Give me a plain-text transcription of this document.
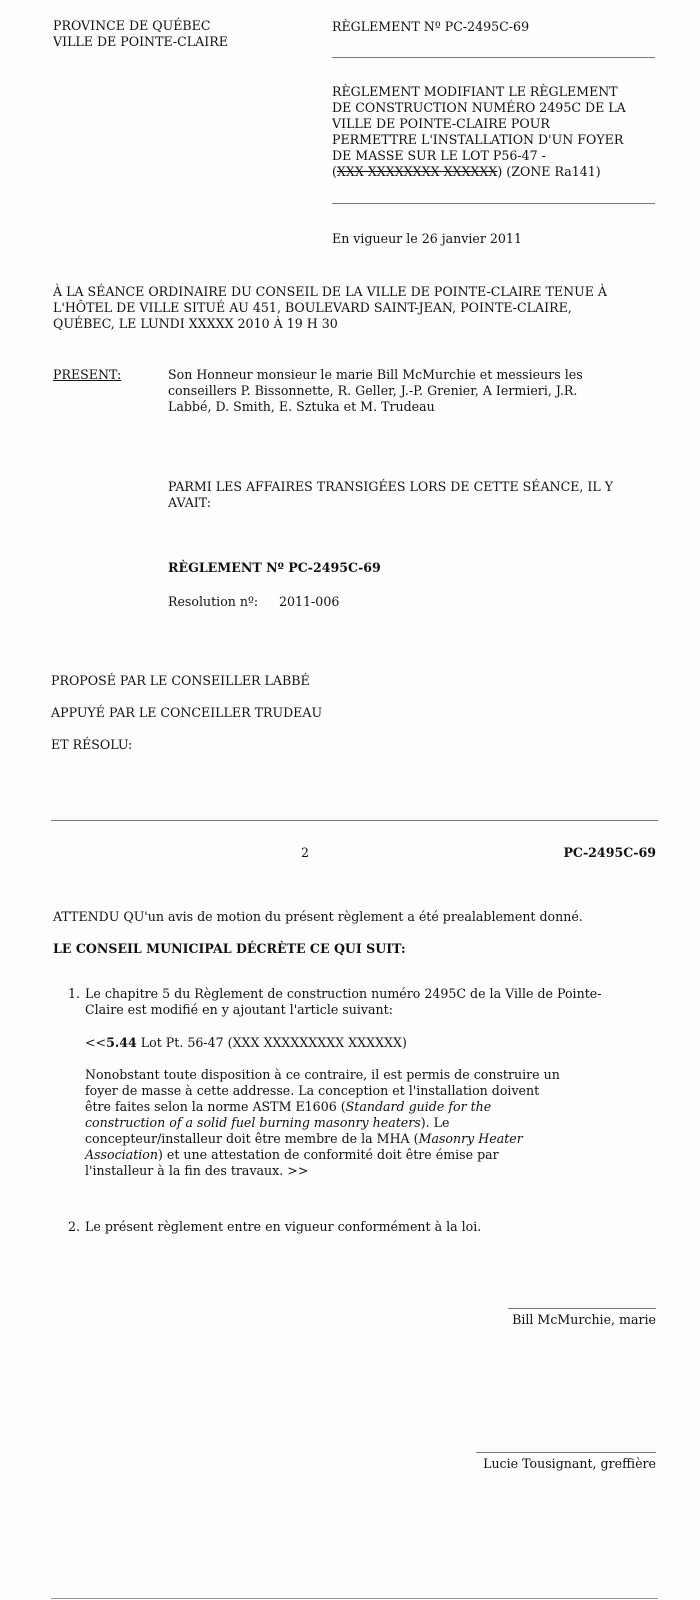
PROVINCE DE QUÉBEC
VILLE DE POINTE-CLAIRE
RÈGLEMENT Nº PC-2495C-69
RÈGLEMENT MODIFIANT LE RÈGLEMENT
DE CONSTRUCTION NUMÉRO 2495C DE LA
VILLE DE POINTE-CLAIRE POUR
PERMETTRE L'INSTALLATION D'UN FOYER
DE MASSE SUR LE LOT P56-47 -
(XXX XXXXXXXX XXXXXX) (ZONE Ra141)
En vigueur le 26 janvier 2011
À LA SÉANCE ORDINAIRE DU CONSEIL DE LA VILLE DE POINTE-CLAIRE TENUE À
L'HÔTEL DE VILLE SITUÉ AU 451, BOULEVARD SAINT-JEAN, POINTE-CLAIRE,
QUÉBEC, LE LUNDI XXXXX 2010 À 19 H 30
PRESENT:	Son Honneur monsieur le marie Bill McMurchie et messieurs les
conseillers P. Bissonnette, R. Geller, J.-P. Grenier, A Iermieri, J.R.
Labbé, D. Smith, E. Sztuka et M. Trudeau
PARMI LES AFFAIRES TRANSIGÉES LORS DE CETTE SÉANCE, IL Y
AVAIT:
RÈGLEMENT Nº PC-2495C-69
Resolution nº: 2011-006
PROPOSÉ PAR LE CONSEILLER LABBÉ
APPUYÉ PAR LE CONCEILLER TRUDEAU
ET RÉSOLU:
2	PC-2495C-69
ATTENDU QU'un avis de motion du présent règlement a été prealablement donné.
LE CONSEIL MUNICIPAL DÉCRÈTE CE QUI SUIT:
1. Le chapitre 5 du Règlement de construction numéro 2495C de la Ville de Pointe-
Claire est modifié en y ajoutant l'article suivant:
<<5.44 Lot Pt. 56-47 (XXX XXXXXXXXX XXXXXX)
Nonobstant toute disposition à ce contraire, il est permis de construire un
foyer de masse à cette addresse. La conception et l'installation doivent
être faites selon la norme ASTM E1606 (Standard guide for the
construction of a solid fuel burning masonry heaters). Le
concepteur/installeur doit être membre de la MHA (Masonry Heater
Association) et une attestation de conformité doit être émise par
l'installeur à la fin des travaux. >>
2. Le présent règlement entre en vigueur conformément à la loi.
Bill McMurchie, marie
Lucie Tousignant, greffière
